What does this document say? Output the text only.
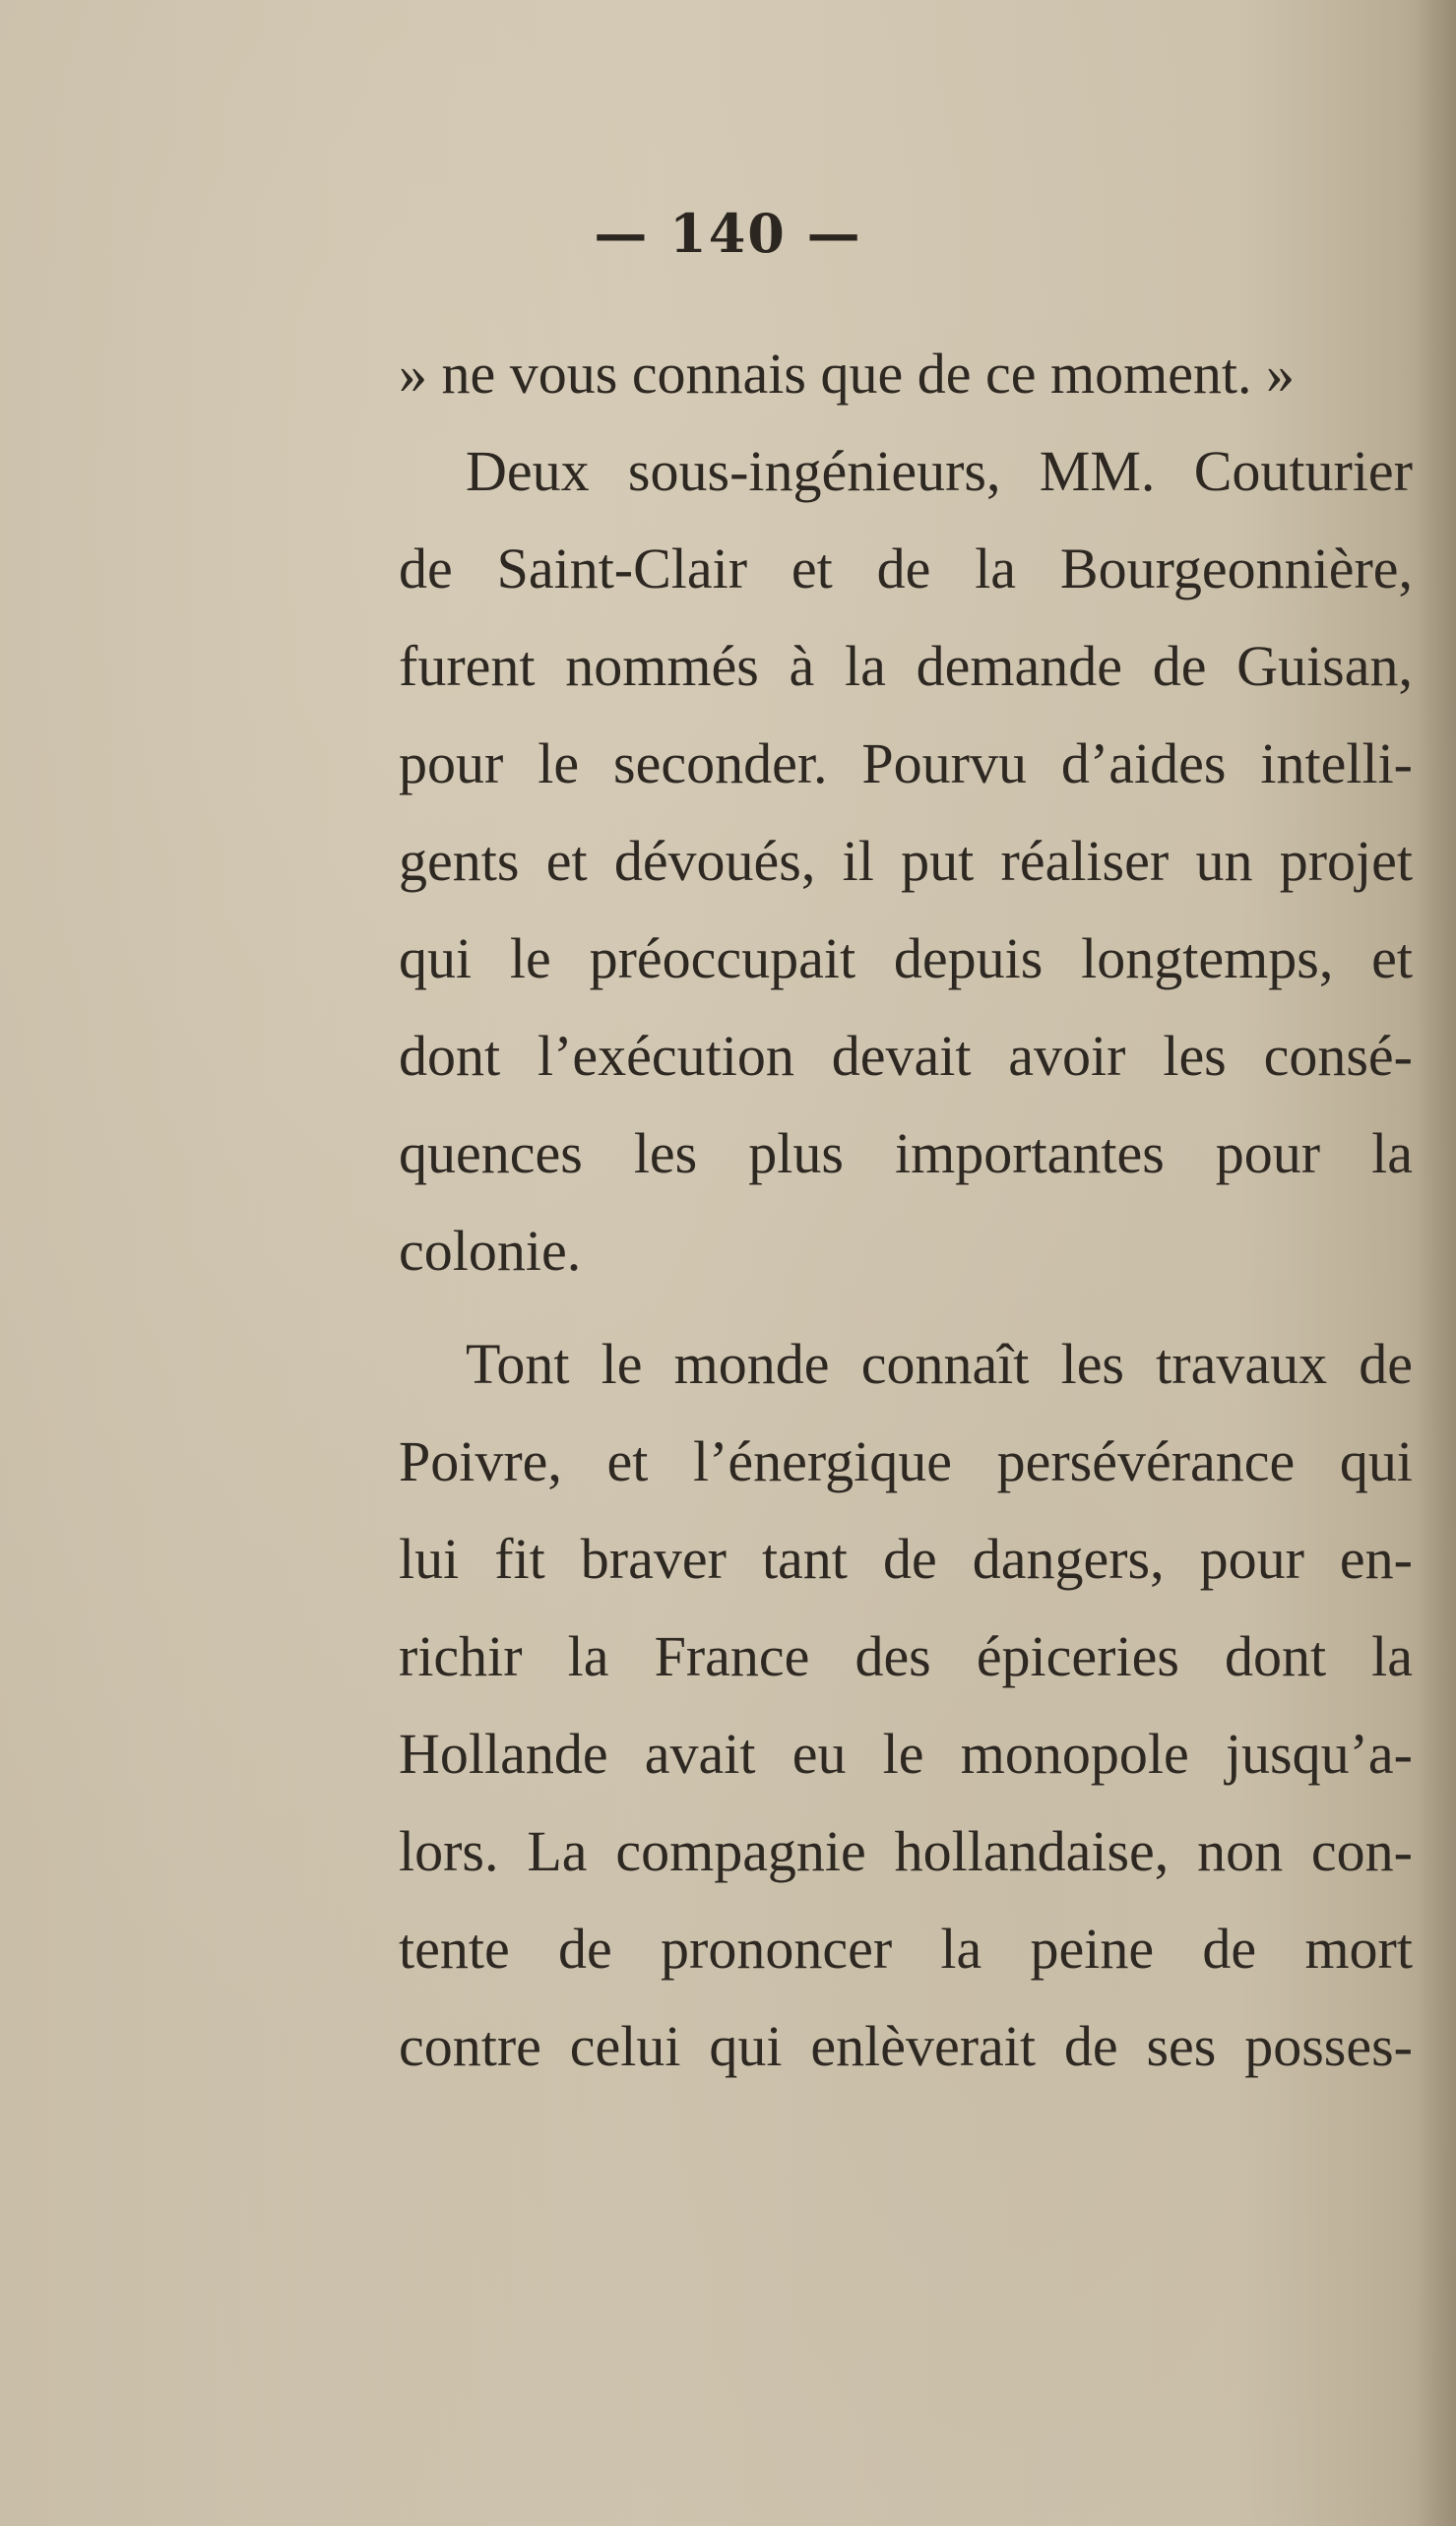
— 140 —
» ne vous connais que de ce moment. »
Deux sous-ingénieurs, MM. Couturier
de Saint-Clair et de la Bourgeonnière,
furent nommés à la demande de Guisan,
pour le seconder. Pourvu d’aides intelli-
gents et dévoués, il put réaliser un projet
qui le préoccupait depuis longtemps, et
dont l’exécution devait avoir les consé-
quences les plus importantes pour la
colonie.
Tont le monde connaît les travaux de
Poivre, et l’énergique persévérance qui
lui fit braver tant de dangers, pour en-
richir la France des épiceries dont la
Hollande avait eu le monopole jusqu’a-
lors. La compagnie hollandaise, non con-
tente de prononcer la peine de mort
contre celui qui enlèverait de ses posses-
